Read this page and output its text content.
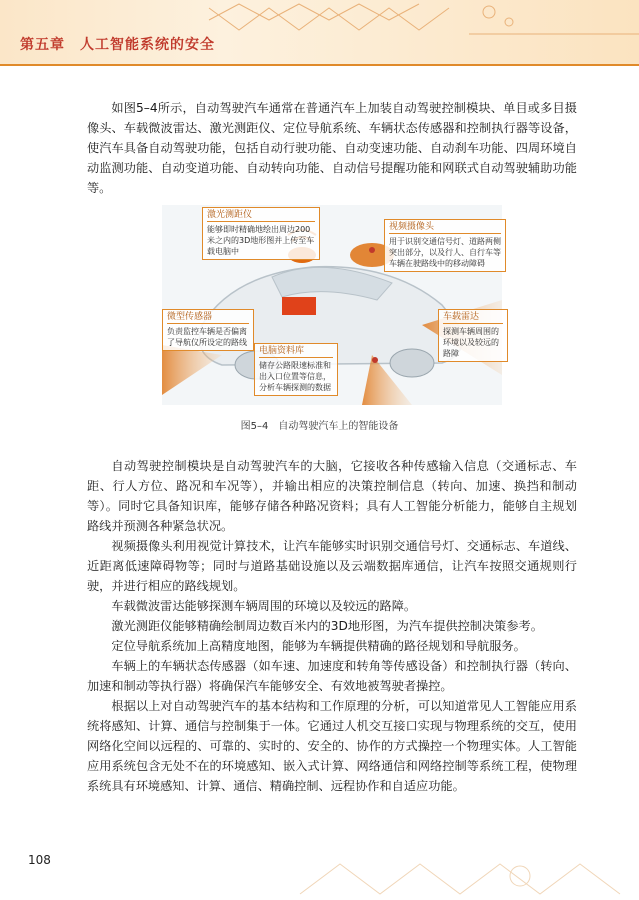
第五章　人工智能系统的安全

如图5–4所示，自动驾驶汽车通常在普通汽车上加装自动驾驶控制模块、单目或多目摄像头、车载微波雷达、激光测距仪、定位导航系统、车辆状态传感器和控制执行器等设备，使汽车具备自动驾驶功能，包括自动行驶功能、自动变速功能、自动刹车功能、四周环境自动监测功能、自动变道功能、自动转向功能、自动信号提醒功能和网联式自动驾驶辅助功能等。

激光测距仪
能够即时精确地绘出周边200米之内的3D地形图并上传至车载电脑中
视频摄像头
用于识别交通信号灯、道路两侧突出部分，以及行人、自行车等车辆在驶路线中的移动障碍
微型传感器
负责监控车辆是否偏离了导航仪所设定的路线
电脑资料库
储存公路限速标准和出入口位置等信息，分析车辆探测的数据
车载雷达
探测车辆周围的环境以及较远的路障
图5–4　自动驾驶汽车上的智能设备

自动驾驶控制模块是自动驾驶汽车的大脑，它接收各种传感输入信息（交通标志、车距、行人方位、路况和车况等），并输出相应的决策控制信息（转向、加速、换挡和制动等）。同时它具备知识库，能够存储各种路况资料；具有人工智能分析能力，能够自主规划路线并预测各种紧急状况。

视频摄像头利用视觉计算技术，让汽车能够实时识别交通信号灯、交通标志、车道线、近距离低速障碍物等；同时与道路基础设施以及云端数据库通信，让汽车按照交通规则行驶，并进行相应的路线规划。

车载微波雷达能够探测车辆周围的环境以及较远的路障。

激光测距仪能够精确绘制周边数百米内的3D地形图，为汽车提供控制决策参考。

定位导航系统加上高精度地图，能够为车辆提供精确的路径规划和导航服务。

车辆上的车辆状态传感器（如车速、加速度和转角等传感设备）和控制执行器（转向、加速和制动等执行器）将确保汽车能够安全、有效地被驾驶者操控。

根据以上对自动驾驶汽车的基本结构和工作原理的分析，可以知道常见人工智能应用系统将感知、计算、通信与控制集于一体。它通过人机交互接口实现与物理系统的交互，使用网络化空间以远程的、可靠的、实时的、安全的、协作的方式操控一个物理实体。人工智能应用系统包含无处不在的环境感知、嵌入式计算、网络通信和网络控制等系统工程，使物理系统具有环境感知、计算、通信、精确控制、远程协作和自适应功能。

108
